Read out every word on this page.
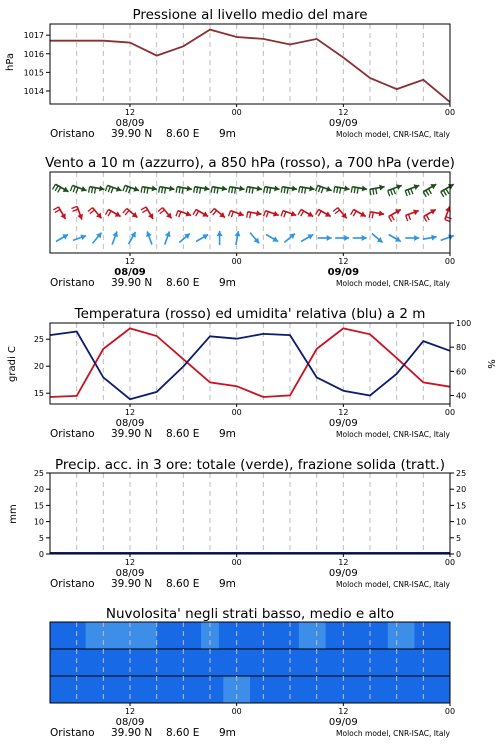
Pressione al livello medio del mare
1014
1015
1016
1017
hPa
12	00	12	00
08/09	09/09
Oristano 39.90 N 8.60 E 9m	Moloch model, CNR-ISAC, Italy
Vento a 10 m (azzurro), a 850 hPa (rosso), a 700 hPa (verde)
12	00	12	00
08/09	09/09
Oristano 39.90 N 8.60 E 9m	Moloch model, CNR-ISAC, Italy
Temperatura (rosso) ed umidita' relativa (blu) a 2 m
15
20
25
40
60
80
100
gradi C	%
12	00	12	00
08/09	09/09
Oristano 39.90 N 8.60 E 9m	Moloch model, CNR-ISAC, Italy
Precip. acc. in 3 ore: totale (verde), frazione solida (tratt.)
0
5
10
15
20
25
0
5
10
15
20
25
mm
12	00	12	00
08/09	09/09
Oristano 39.90 N 8.60 E 9m	Moloch model, CNR-ISAC, Italy
Nuvolosita' negli strati basso, medio e alto
12	00	12	00
08/09	09/09
Oristano 39.90 N 8.60 E 9m	Moloch model, CNR-ISAC, Italy
